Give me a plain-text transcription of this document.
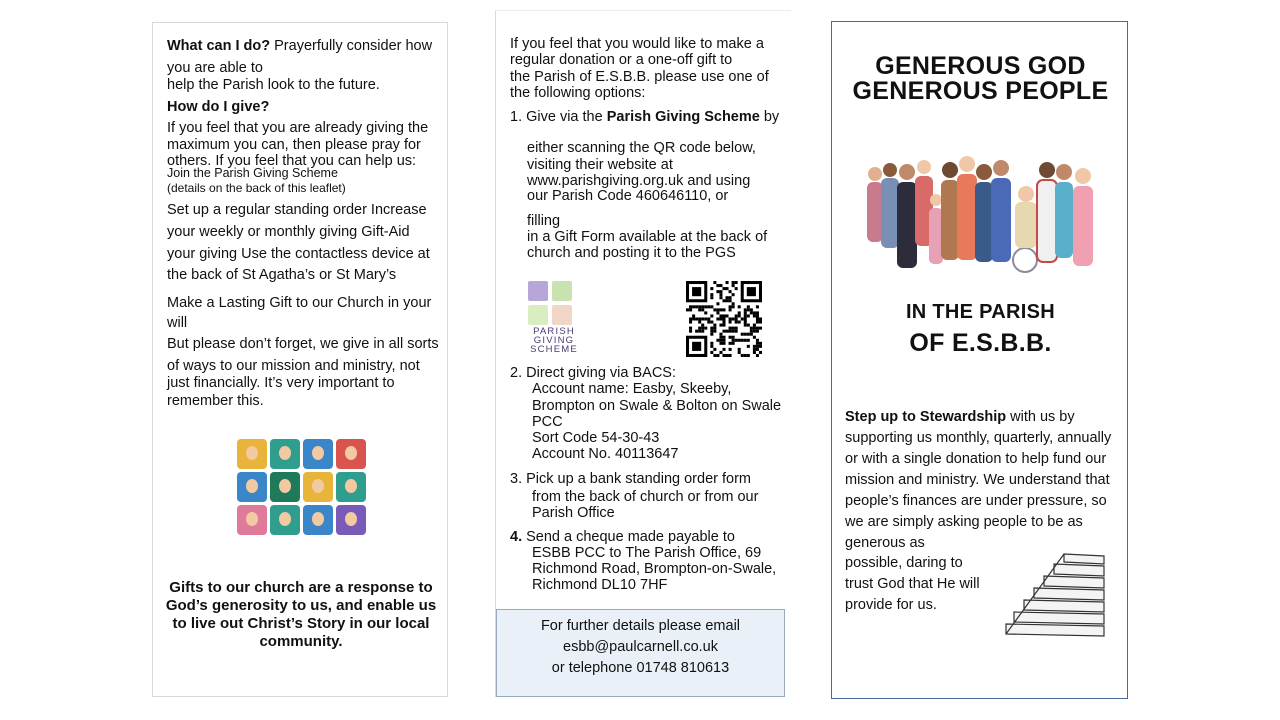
What can I do? Prayerfully consider how
you are able to
help the Parish look to the future.
How do I give?
If you feel that you are already giving the
maximum you can, then please pray for
others. If you feel that you can help us:
Join the Parish Giving Scheme
(details on the back of this leaflet)
Set up a regular standing order Increase
your weekly or monthly giving Gift-Aid
your giving Use the contactless device at
the back of St Agatha’s or St Mary’s
Make a Lasting Gift to our Church in your
will
But please don’t forget, we give in all sorts
of ways to our mission and ministry, not
just financially. It’s very important to
remember this.
Gifts to our church are a response to God’s generosity to us, and enable us to live out Christ’s Story in our local community.
If you feel that you would like to make a
regular donation or a one-off gift to
the Parish of E.S.B.B. please use one of
the following options:
1. Give via the Parish Giving Scheme by
either scanning the QR code below,
visiting their website at
www.parishgiving.org.uk and using
our Parish Code 460646110, or
filling
in a Gift Form available at the back of
church and posting it to the PGS
PARISH GIVING SCHEME
2. Direct giving via BACS:
Account name: Easby, Skeeby,
Brompton on Swale & Bolton on Swale
PCC
Sort Code 54-30-43
Account No. 40113647
3. Pick up a bank standing order form
from the back of church or from our
Parish Office
4. Send a cheque made payable to
ESBB PCC to The Parish Office, 69
Richmond Road, Brompton-on-Swale,
Richmond DL10 7HF
For further details please email
esbb@paulcarnell.co.uk
or telephone 01748 810613
GENEROUS GOD
GENEROUS PEOPLE
IN THE PARISH
OF E.S.B.B.
Step up to Stewardship with us by
supporting us monthly, quarterly, annually
or with a single donation to help fund our
mission and ministry. We understand that
people’s finances are under pressure, so
we are simply asking people to be as
generous as
possible, daring to
trust God that He will
provide for us.
